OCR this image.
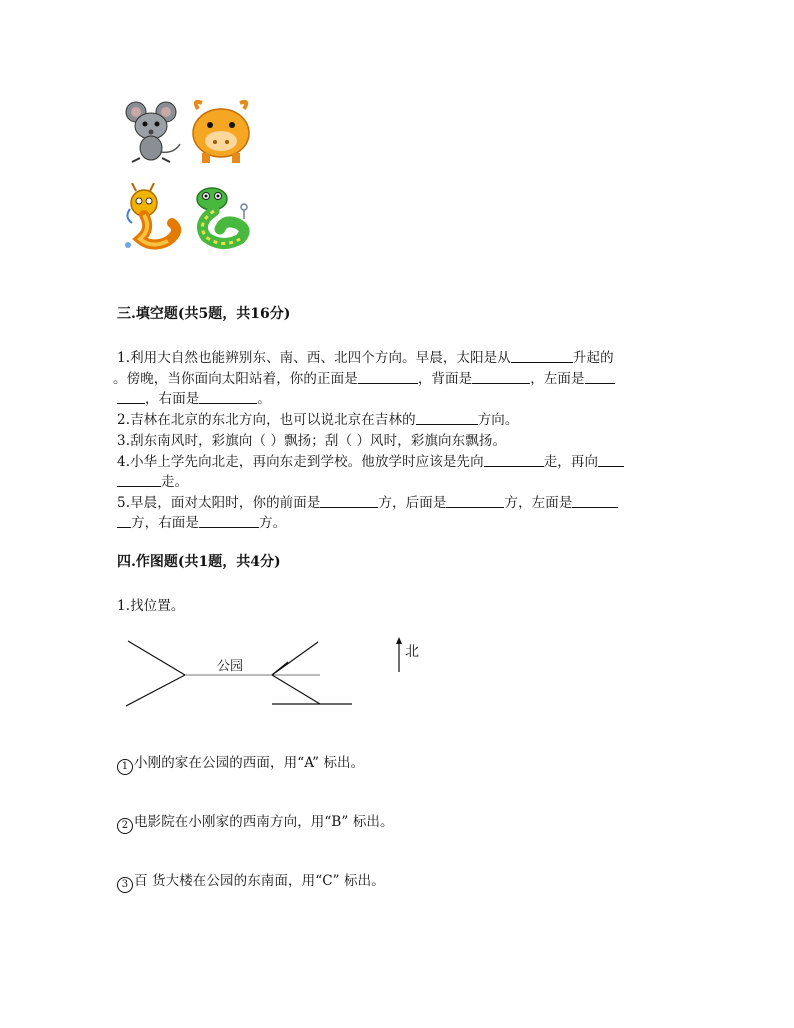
三.填空题(共5题，共16分)
1.利用大自然也能辨别东、南、西、北四个方向。早晨，太阳是从	升起的
。傍晚，当你面向太阳站着，你的正面是	，背面是	，左面是
，右面是	。
2.吉林在北京的东北方向，也可以说北京在吉林的	方向。
3.刮东南风时，彩旗向（ ）飘扬；刮（ ）风时，彩旗向东飘扬。
4.小华上学先向北走，再向东走到学校。他放学时应该是先向	走，再向
走。
5.早晨，面对太阳时，你的前面是	方，后面是	方，左面是
方，右面是	方。
四.作图题(共1题，共4分)
1.找位置。
公园
北
1 小刚的家在公园的西面，用“A” 标出。
2 电影院在小刚家的西南方向，用“B” 标出。
3 百 货大楼在公园的东南面，用“C” 标出。
